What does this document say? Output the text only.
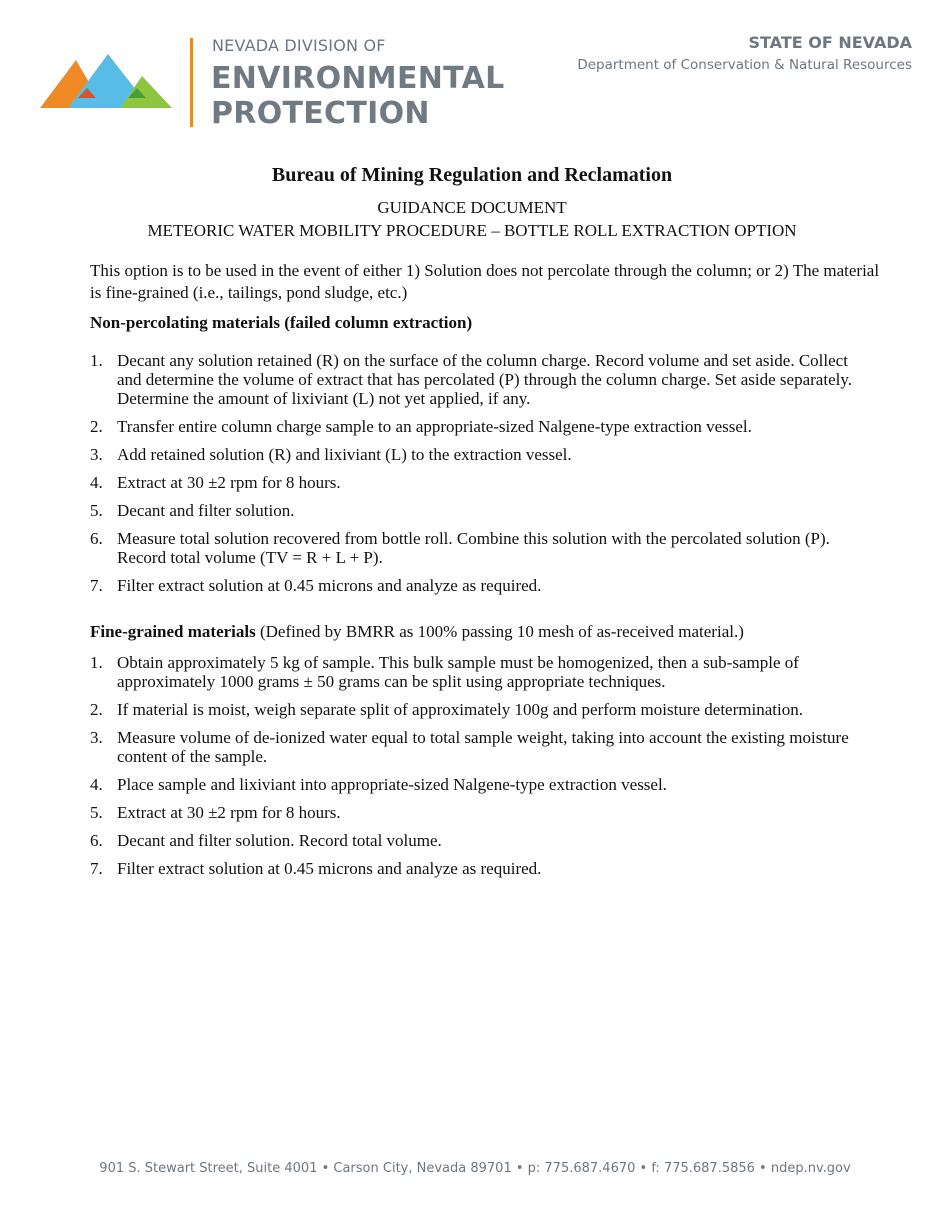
NEVADA DIVISION OF
ENVIRONMENTAL
PROTECTION
STATE OF NEVADA
Department of Conservation & Natural Resources
Bureau of Mining Regulation and Reclamation
GUIDANCE DOCUMENT
METEORIC WATER MOBILITY PROCEDURE – BOTTLE ROLL EXTRACTION OPTION
This option is to be used in the event of either 1) Solution does not percolate through the column; or 2) The material is fine-grained (i.e., tailings, pond sludge, etc.)
Non-percolating materials (failed column extraction)
1. Decant any solution retained (R) on the surface of the column charge. Record volume and set aside. Collect and determine the volume of extract that has percolated (P) through the column charge. Set aside separately. Determine the amount of lixiviant (L) not yet applied, if any.
2. Transfer entire column charge sample to an appropriate-sized Nalgene-type extraction vessel.
3. Add retained solution (R) and lixiviant (L) to the extraction vessel.
4. Extract at 30 ±2 rpm for 8 hours.
5. Decant and filter solution.
6. Measure total solution recovered from bottle roll. Combine this solution with the percolated solution (P). Record total volume (TV = R + L + P).
7. Filter extract solution at 0.45 microns and analyze as required.
Fine-grained materials (Defined by BMRR as 100% passing 10 mesh of as-received material.)
1. Obtain approximately 5 kg of sample. This bulk sample must be homogenized, then a sub-sample of approximately 1000 grams ± 50 grams can be split using appropriate techniques.
2. If material is moist, weigh separate split of approximately 100g and perform moisture determination.
3. Measure volume of de-ionized water equal to total sample weight, taking into account the existing moisture content of the sample.
4. Place sample and lixiviant into appropriate-sized Nalgene-type extraction vessel.
5. Extract at 30 ±2 rpm for 8 hours.
6. Decant and filter solution. Record total volume.
7. Filter extract solution at 0.45 microns and analyze as required.
901 S. Stewart Street, Suite 4001 • Carson City, Nevada 89701 • p: 775.687.4670 • f: 775.687.5856 • ndep.nv.gov
